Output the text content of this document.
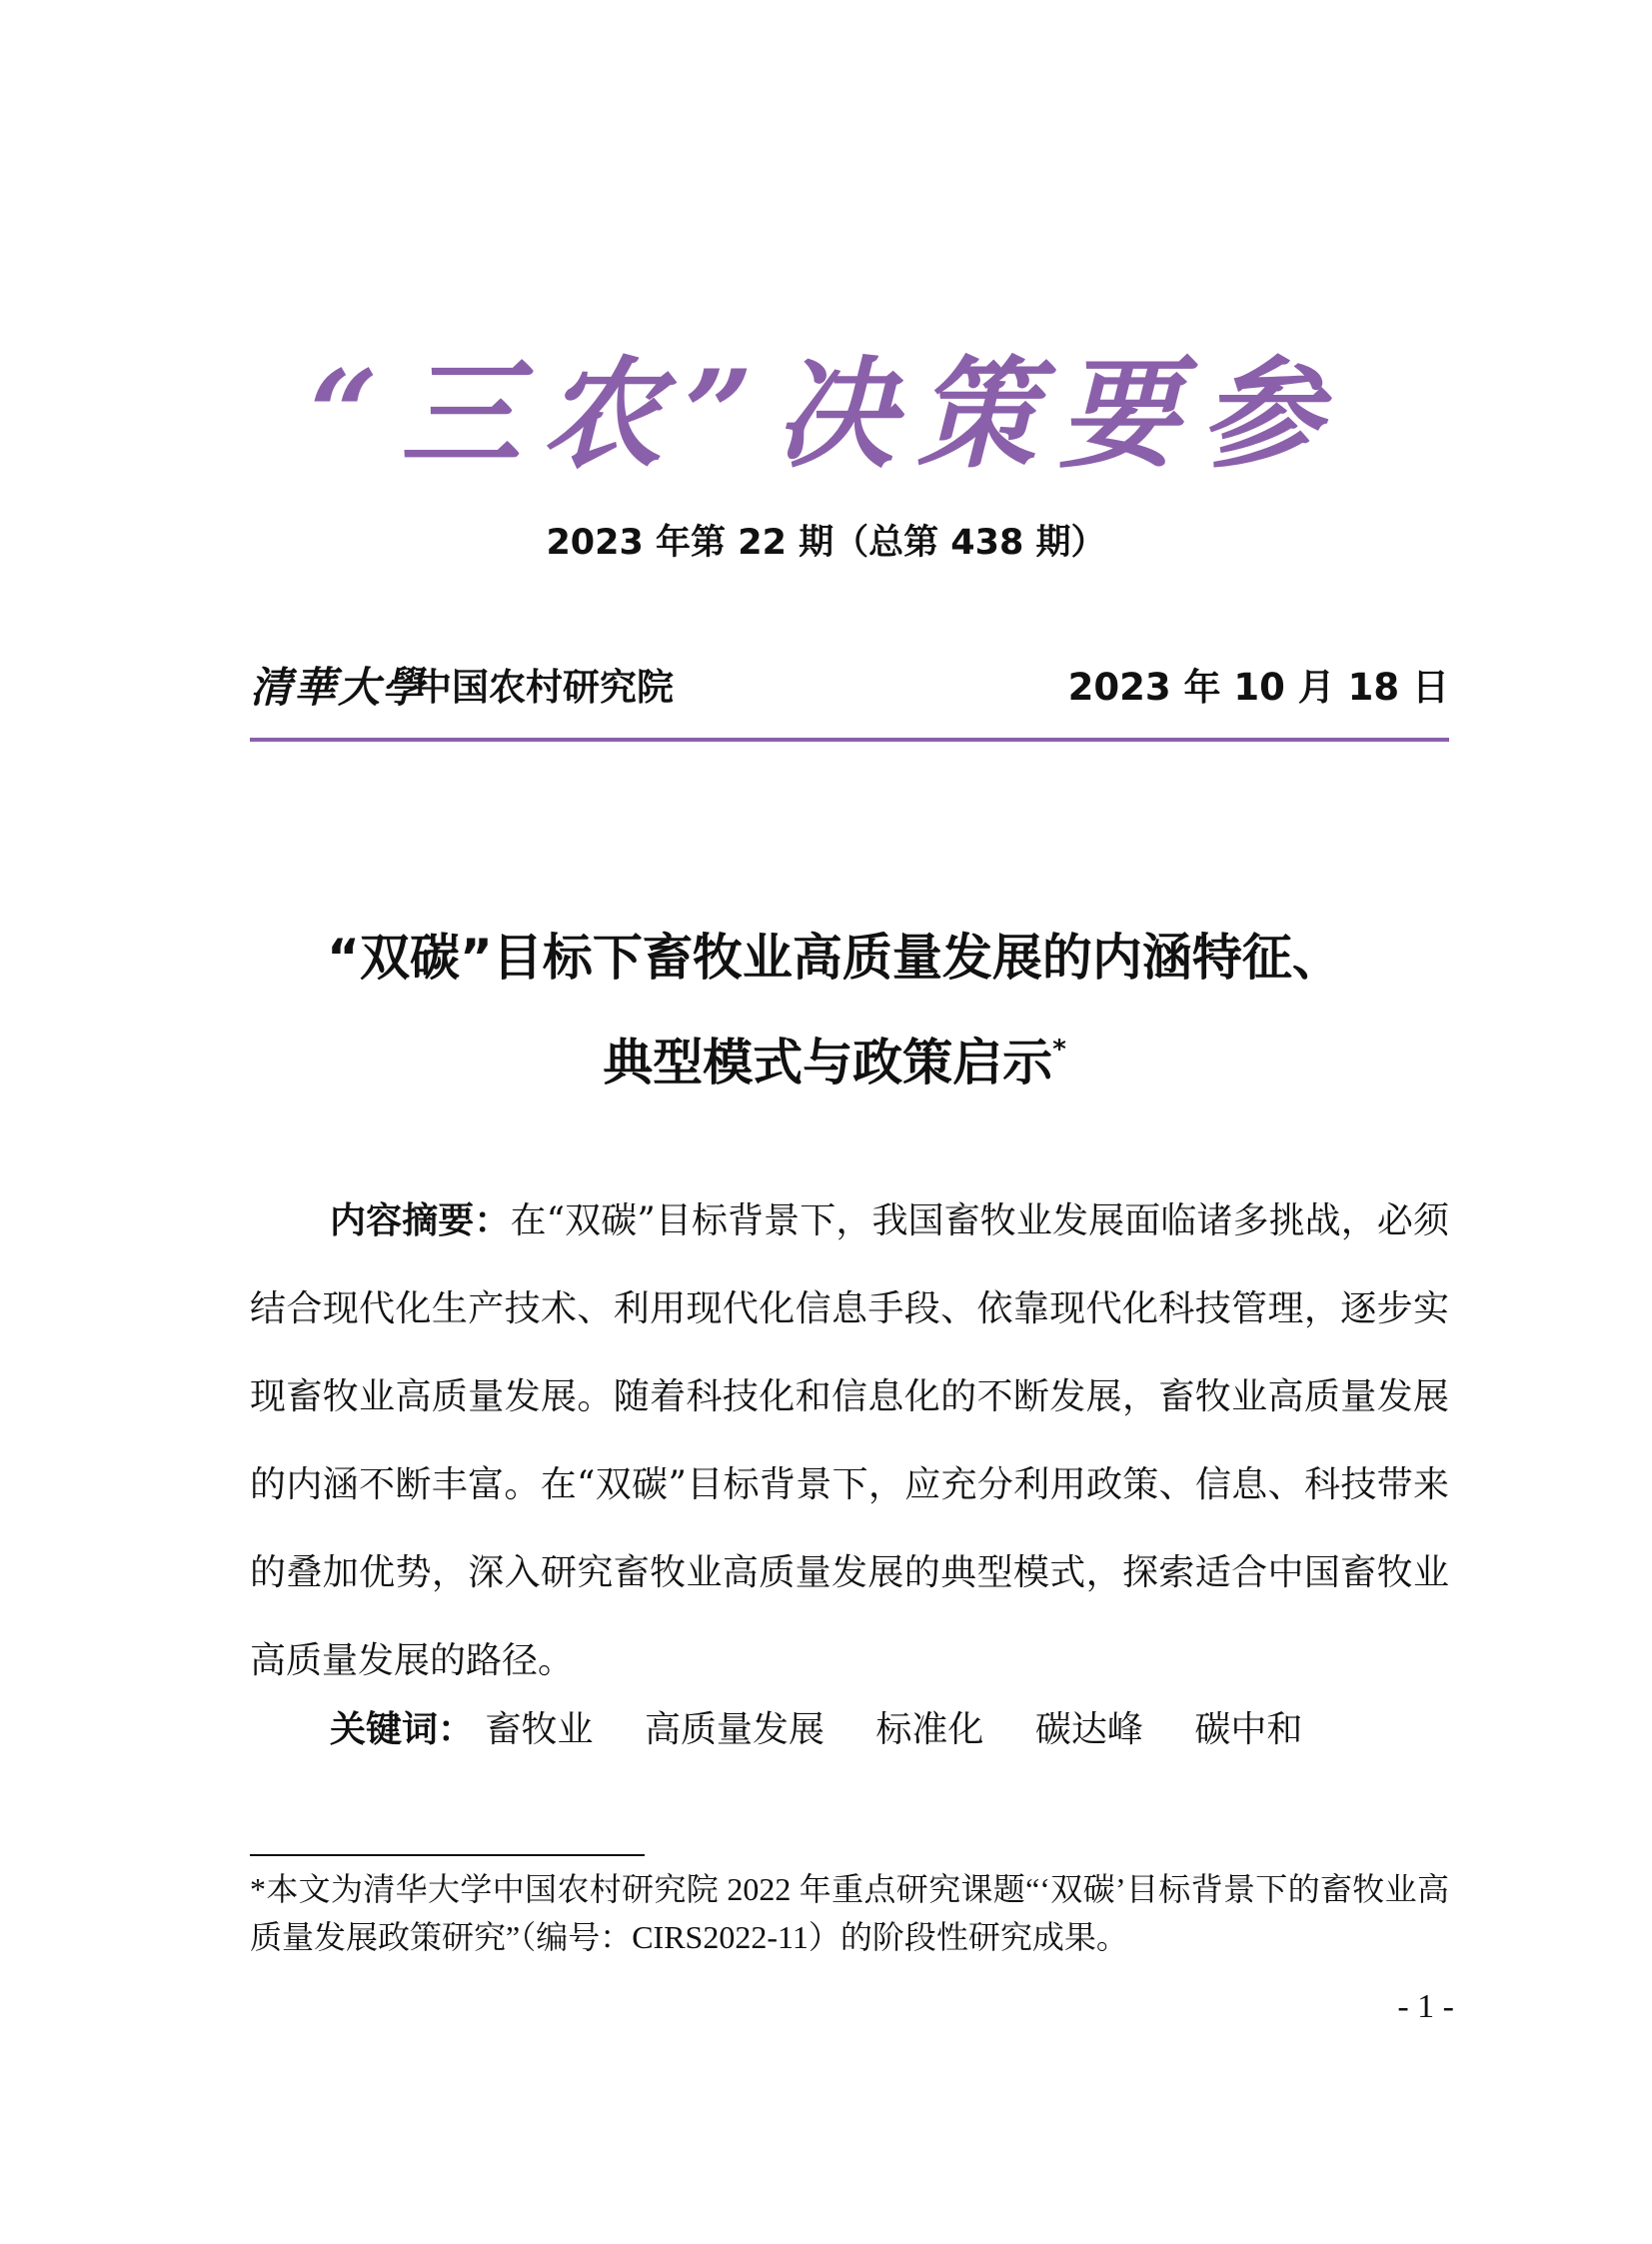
“三农”决策要参
2023 年第 22 期（总第 438 期）
清華大學
中国农村研究院	2023 年 10 月 18 日
“双碳”目标下畜牧业高质量发展的内涵特征、
典型模式与政策启示*
内容摘要：在“双碳”目标背景下，我国畜牧业发展面临诸多挑战，必须结合现代化生产技术、利用现代化信息手段、依靠现代化科技管理，逐步实现畜牧业高质量发展。随着科技化和信息化的不断发展，畜牧业高质量发展的内涵不断丰富。在“双碳”目标背景下，应充分利用政策、信息、科技带来的叠加优势，深入研究畜牧业高质量发展的典型模式，探索适合中国畜牧业高质量发展的路径。
关键词： 畜牧业 高质量发展 标准化 碳达峰 碳中和
*本文为清华大学中国农村研究院 2022 年重点研究课题“‘双碳’目标背景下的畜牧业高质量发展政策研究”（编号：CIRS2022-11）的阶段性研究成果。
- 1 -
